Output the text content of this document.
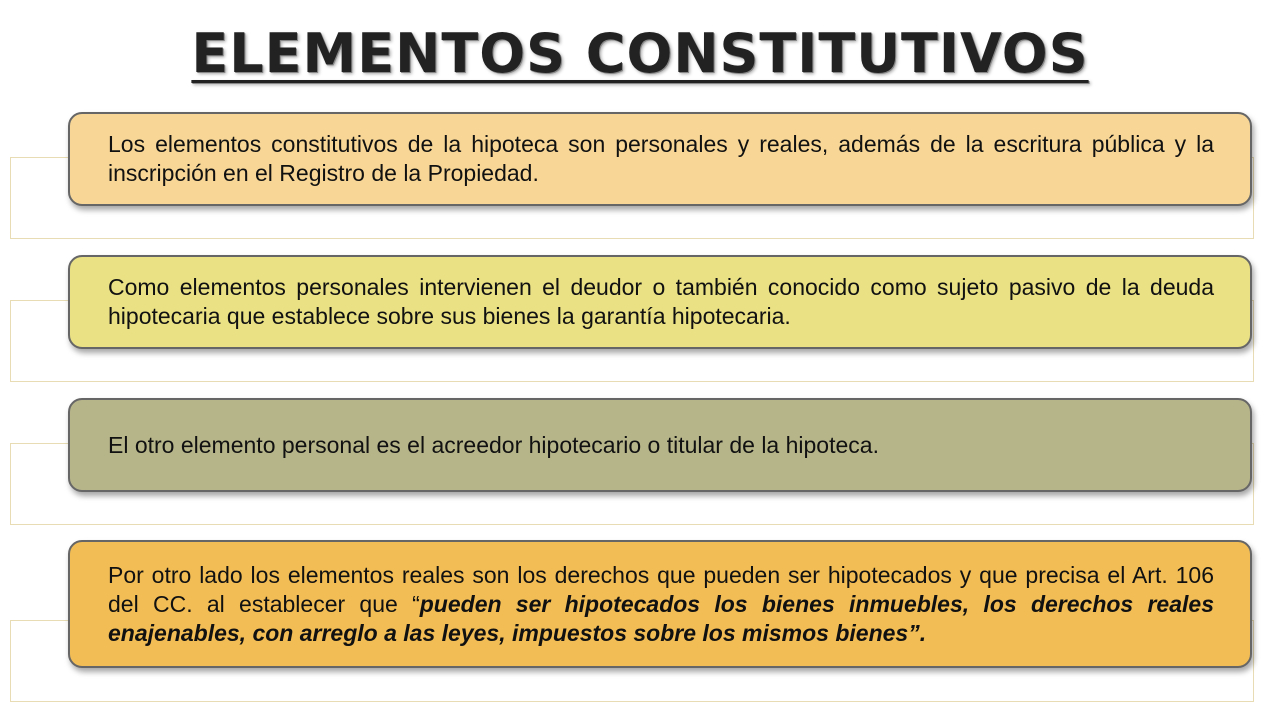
ELEMENTOS CONSTITUTIVOS

Los elementos constitutivos de la hipoteca son personales y reales, además de la escritura pública y la inscripción en el Registro de la Propiedad.

Como elementos personales intervienen el deudor o también conocido como sujeto pasivo de la deuda hipotecaria que establece sobre sus bienes la garantía hipotecaria.

El otro elemento personal es el acreedor hipotecario o titular de la hipoteca.

Por otro lado los elementos reales son los derechos que pueden ser hipotecados y que precisa el Art. 106 del CC. al establecer que “pueden ser hipotecados los bienes inmuebles, los derechos reales enajenables, con arreglo a las leyes, impuestos sobre los mismos bienes”.
